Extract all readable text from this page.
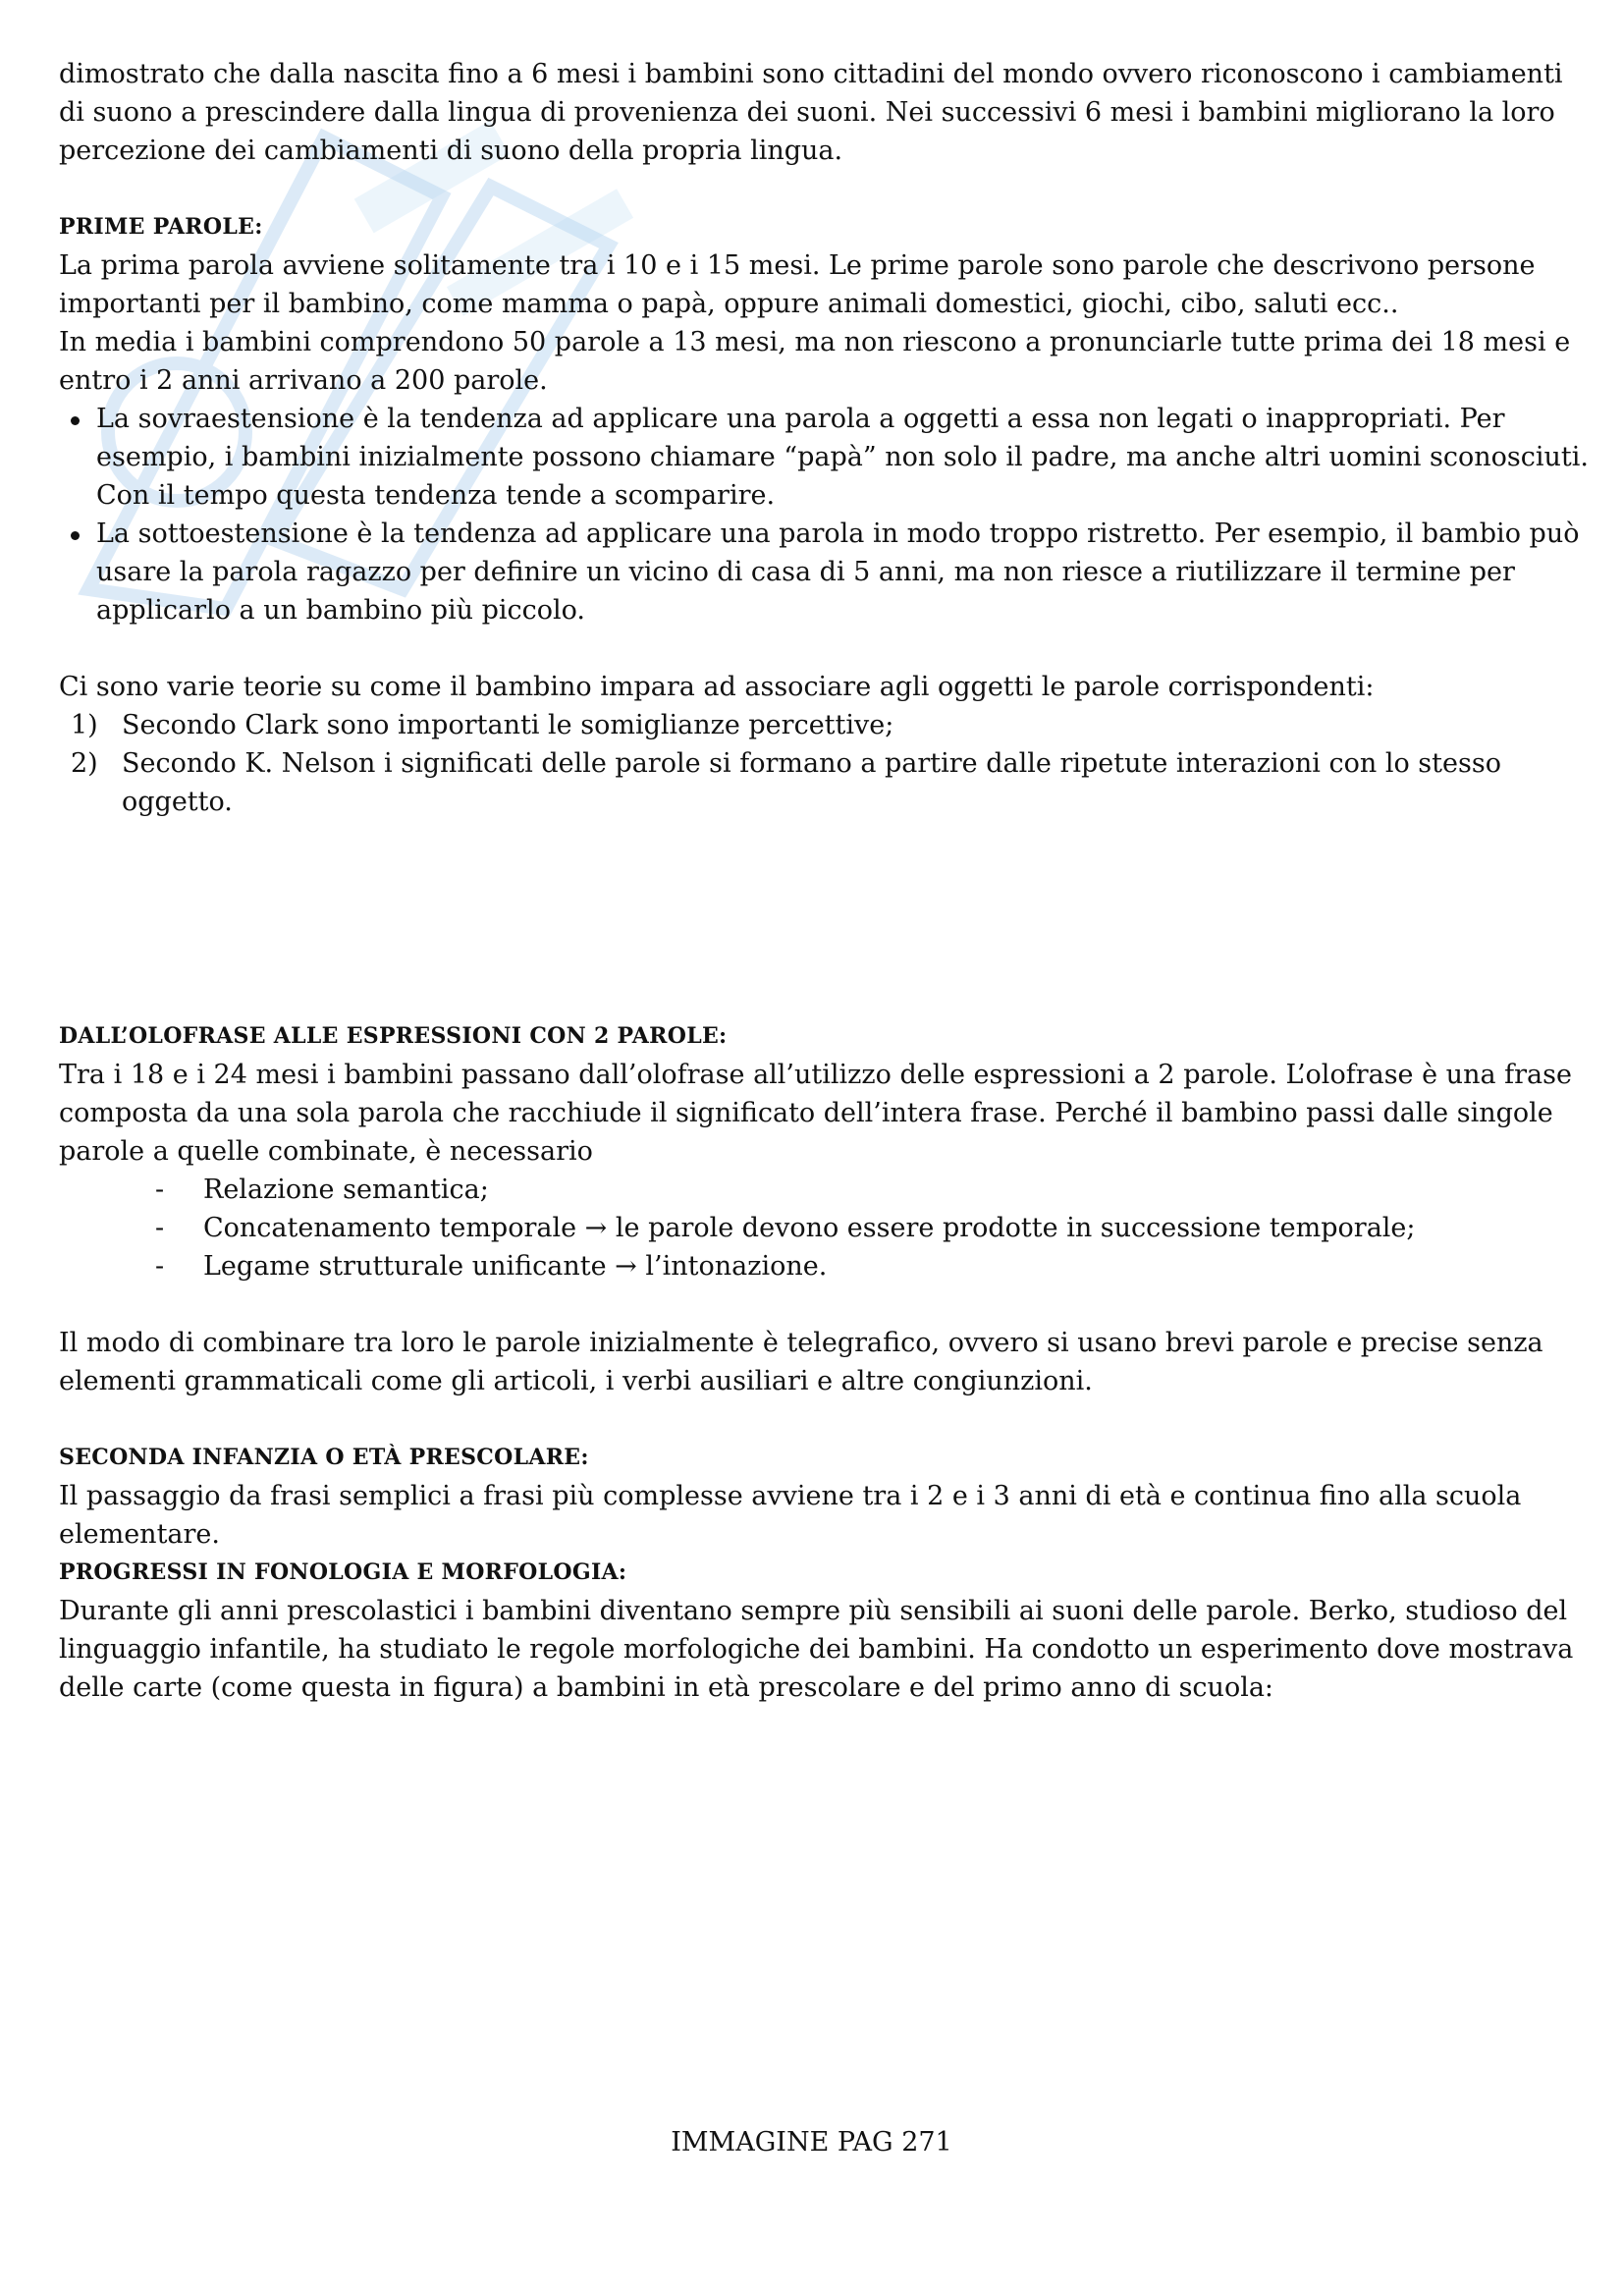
dimostrato che dalla nascita fino a 6 mesi i bambini sono cittadini del mondo ovvero riconoscono i cambiamenti di suono a prescindere dalla lingua di provenienza dei suoni. Nei successivi 6 mesi i bambini migliorano la loro percezione dei cambiamenti di suono della propria lingua.

PRIME PAROLE:

La prima parola avviene solitamente tra i 10 e i 15 mesi. Le prime parole sono parole che descrivono persone importanti per il bambino, come mamma o papà, oppure animali domestici, giochi, cibo, saluti ecc..

In media i bambini comprendono 50 parole a 13 mesi, ma non riescono a pronunciarle tutte prima dei 18 mesi e entro i 2 anni arrivano a 200 parole.

La sovraestensione è la tendenza ad applicare una parola a oggetti a essa non legati o inappropriati. Per esempio, i bambini inizialmente possono chiamare “papà” non solo il padre, ma anche altri uomini sconosciuti. Con il tempo questa tendenza tende a scomparire.
La sottoestensione è la tendenza ad applicare una parola in modo troppo ristretto. Per esempio, il bambio può usare la parola ragazzo per definire un vicino di casa di 5 anni, ma non riesce a riutilizzare il termine per applicarlo a un bambino più piccolo.

Ci sono varie teorie su come il bambino impara ad associare agli oggetti le parole corrispondenti:

1) Secondo Clark sono importanti le somiglianze percettive;
2) Secondo K. Nelson i significati delle parole si formano a partire dalle ripetute interazioni con lo stesso oggetto.
DALL’OLOFRASE ALLE ESPRESSIONI CON 2 PAROLE:

Tra i 18 e i 24 mesi i bambini passano dall’olofrase all’utilizzo delle espressioni a 2 parole. L’olofrase è una frase composta da una sola parola che racchiude il significato dell’intera frase. Perché il bambino passi dalle singole parole a quelle combinate, è necessario

- Relazione semantica;
- Concatenamento temporale → le parole devono essere prodotte in successione temporale;
- Legame strutturale unificante → l’intonazione.

Il modo di combinare tra loro le parole inizialmente è telegrafico, ovvero si usano brevi parole e precise senza elementi grammaticali come gli articoli, i verbi ausiliari e altre congiunzioni.

SECONDA INFANZIA O ETÀ PRESCOLARE:

Il passaggio da frasi semplici a frasi più complesse avviene tra i 2 e i 3 anni di età e continua fino alla scuola elementare.

PROGRESSI IN FONOLOGIA E MORFOLOGIA:

Durante gli anni prescolastici i bambini diventano sempre più sensibili ai suoni delle parole. Berko, studioso del linguaggio infantile, ha studiato le regole morfologiche dei bambini. Ha condotto un esperimento dove mostrava delle carte (come questa in figura) a bambini in età prescolare e del primo anno di scuola:

IMMAGINE PAG 271
